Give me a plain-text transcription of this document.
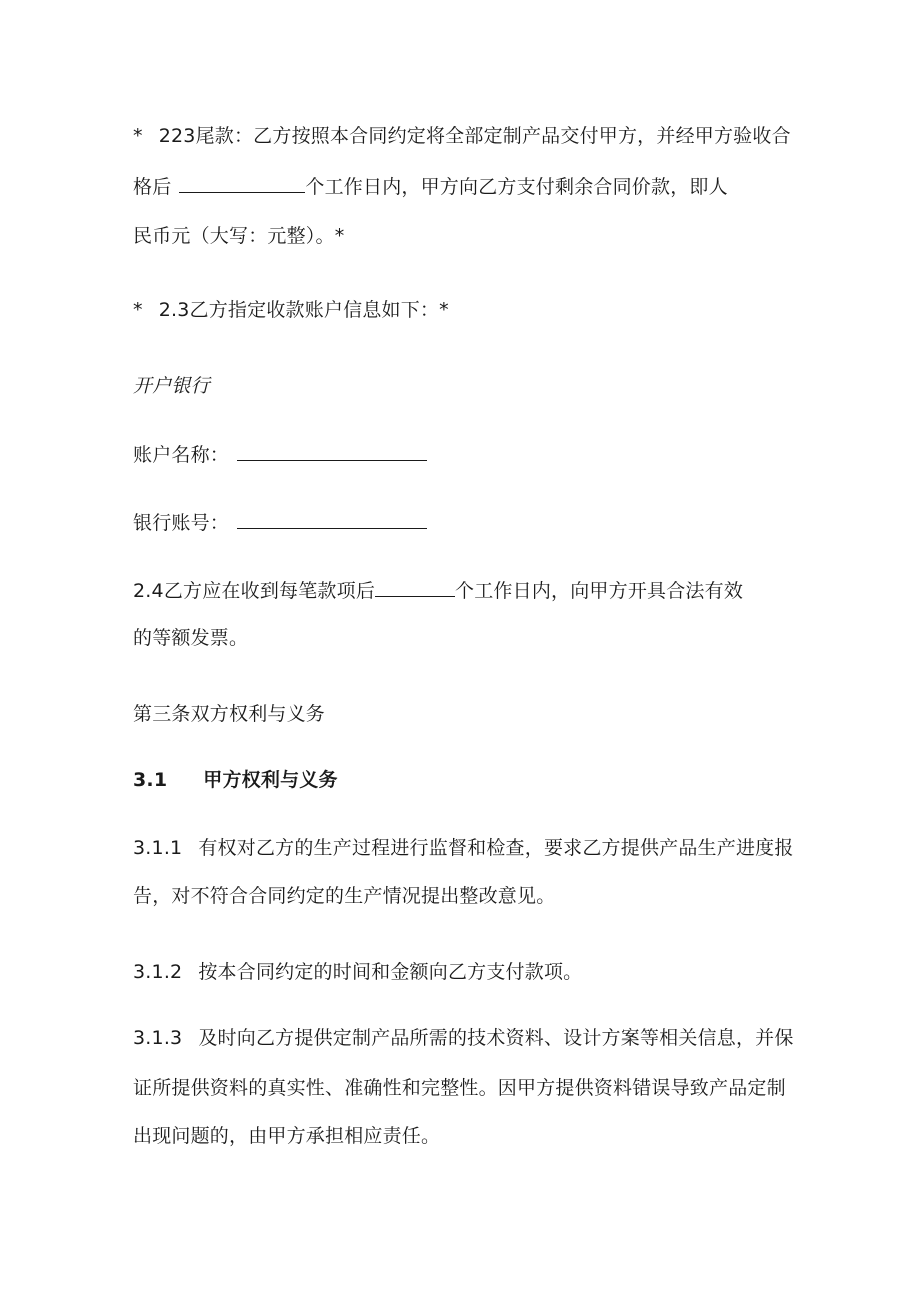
* 223尾款：乙方按照本合同约定将全部定制产品交付甲方，并经甲方验收合
格后	个工作日内，甲方向乙方支付剩余合同价款，即人
民币元（大写：元整）。*
* 2.3乙方指定收款账户信息如下：*
开户银行
账户名称：
银行账号：
2.4乙方应在收到每笔款项后	个工作日内，向甲方开具合法有效
的等额发票。
第三条双方权利与义务
3.1 甲方权利与义务
3.1.1 有权对乙方的生产过程进行监督和检查，要求乙方提供产品生产进度报
告，对不符合合同约定的生产情况提出整改意见。
3.1.2 按本合同约定的时间和金额向乙方支付款项。
3.1.3 及时向乙方提供定制产品所需的技术资料、设计方案等相关信息，并保
证所提供资料的真实性、准确性和完整性。因甲方提供资料错误导致产品定制
出现问题的，由甲方承担相应责任。
